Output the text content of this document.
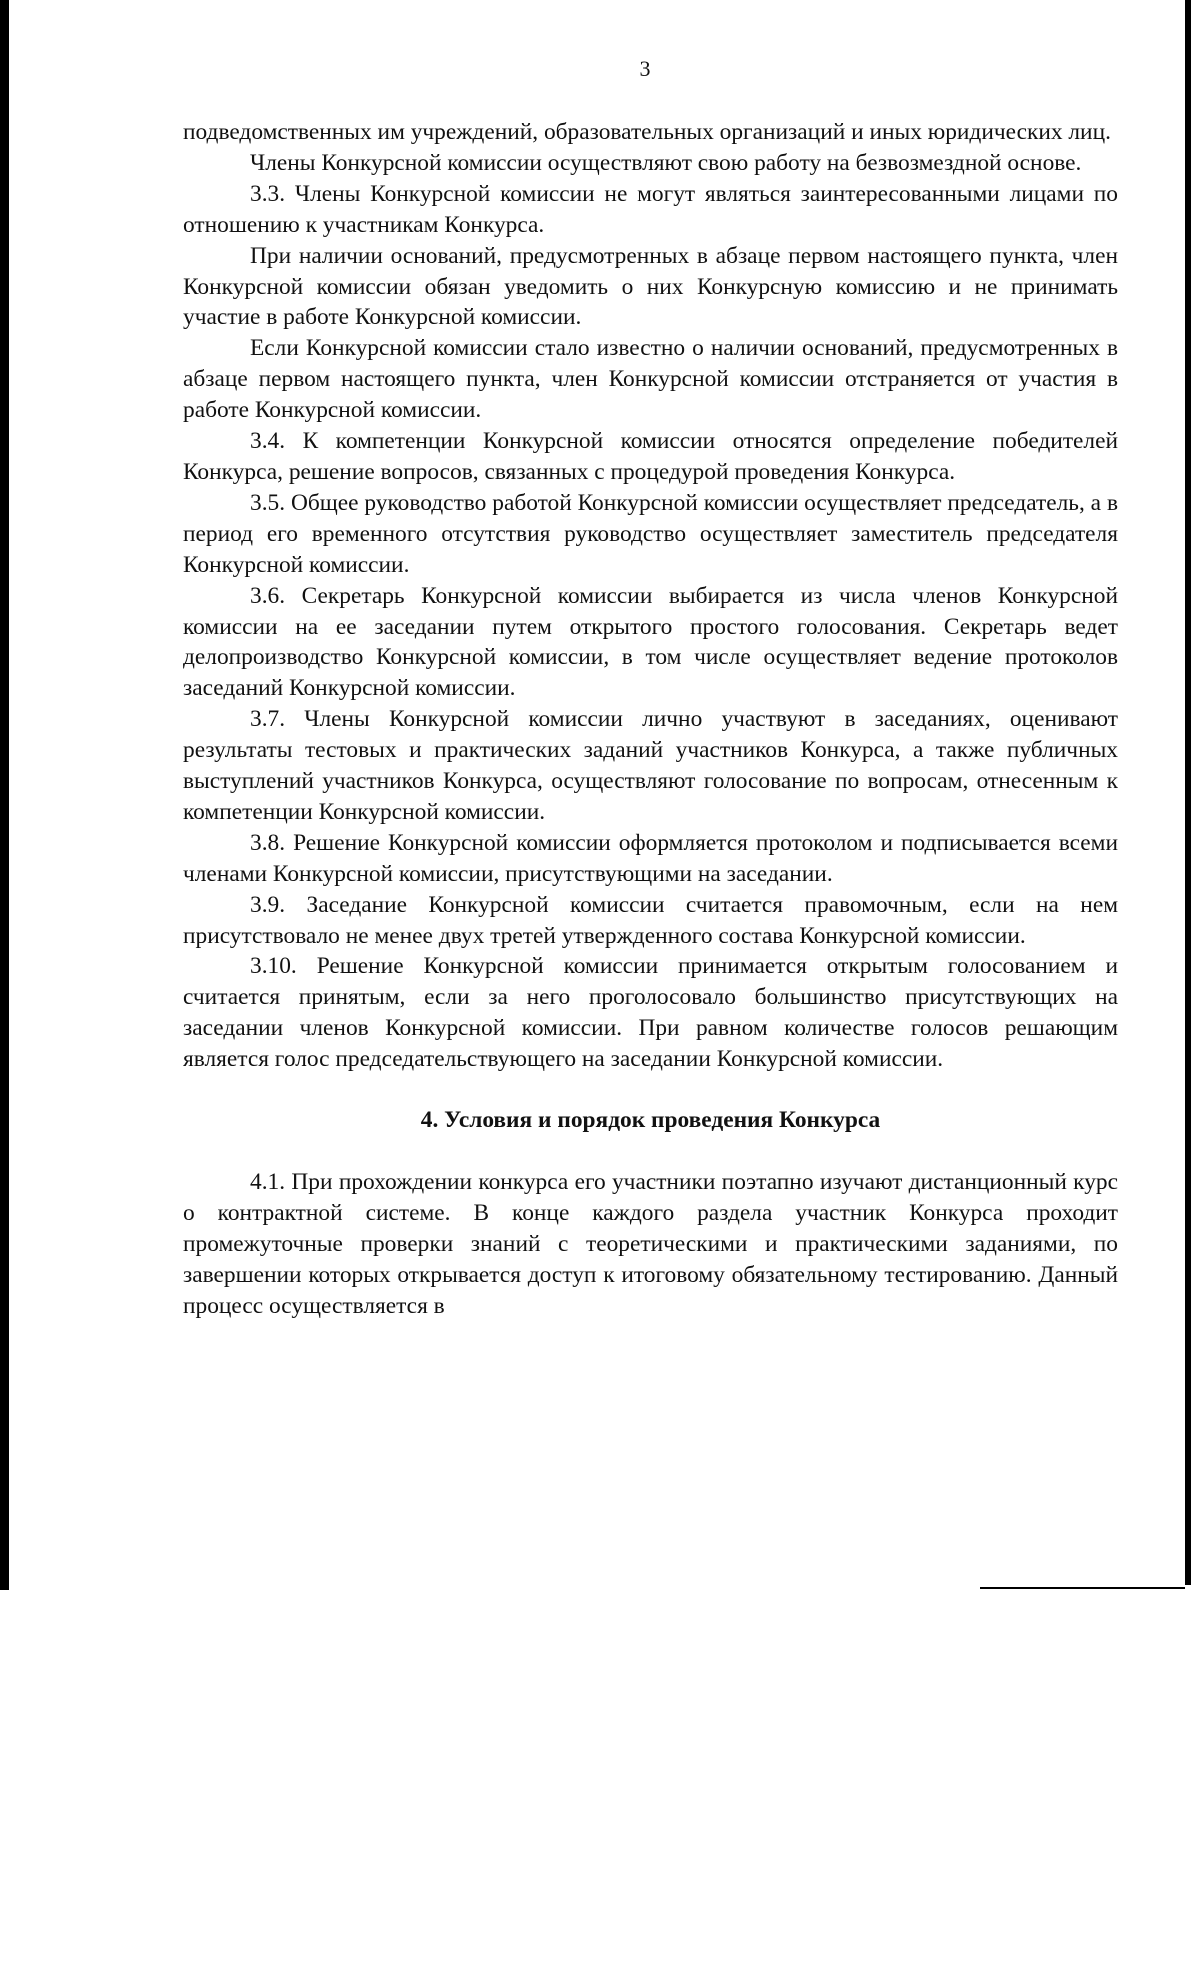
3

подведомственных им учреждений, образовательных организаций и иных юридических лиц.

Члены Конкурсной комиссии осуществляют свою работу на безвозмездной основе.

3.3. Члены Конкурсной комиссии не могут являться заинтересованными лицами по отношению к участникам Конкурса.

При наличии оснований, предусмотренных в абзаце первом настоящего пункта, член Конкурсной комиссии обязан уведомить о них Конкурсную комиссию и не принимать участие в работе Конкурсной комиссии.

Если Конкурсной комиссии стало известно о наличии оснований, предусмотренных в абзаце первом настоящего пункта, член Конкурсной комиссии отстраняется от участия в работе Конкурсной комиссии.

3.4. К компетенции Конкурсной комиссии относятся определение победителей Конкурса, решение вопросов, связанных с процедурой проведения Конкурса.

3.5. Общее руководство работой Конкурсной комиссии осуществляет председатель, а в период его временного отсутствия руководство осуществляет заместитель председателя Конкурсной комиссии.

3.6. Секретарь Конкурсной комиссии выбирается из числа членов Конкурсной комиссии на ее заседании путем открытого простого голосования. Секретарь ведет делопроизводство Конкурсной комиссии, в том числе осуществляет ведение протоколов заседаний Конкурсной комиссии.

3.7. Члены Конкурсной комиссии лично участвуют в заседаниях, оценивают результаты тестовых и практических заданий участников Конкурса, а также публичных выступлений участников Конкурса, осуществляют голосование по вопросам, отнесенным к компетенции Конкурсной комиссии.

3.8. Решение Конкурсной комиссии оформляется протоколом и подписывается всеми членами Конкурсной комиссии, присутствующими на заседании.

3.9. Заседание Конкурсной комиссии считается правомочным, если на нем присутствовало не менее двух третей утвержденного состава Конкурсной комиссии.

3.10. Решение Конкурсной комиссии принимается открытым голосованием и считается принятым, если за него проголосовало большинство присутствующих на заседании членов Конкурсной комиссии. При равном количестве голосов решающим является голос председательствующего на заседании Конкурсной комиссии.

4. Условия и порядок проведения Конкурса

4.1. При прохождении конкурса его участники поэтапно изучают дистанционный курс о контрактной системе. В конце каждого раздела участник Конкурса проходит промежуточные проверки знаний с теоретическими и практическими заданиями, по завершении которых открывается доступ к итоговому обязательному тестированию. Данный процесс осуществляется в
